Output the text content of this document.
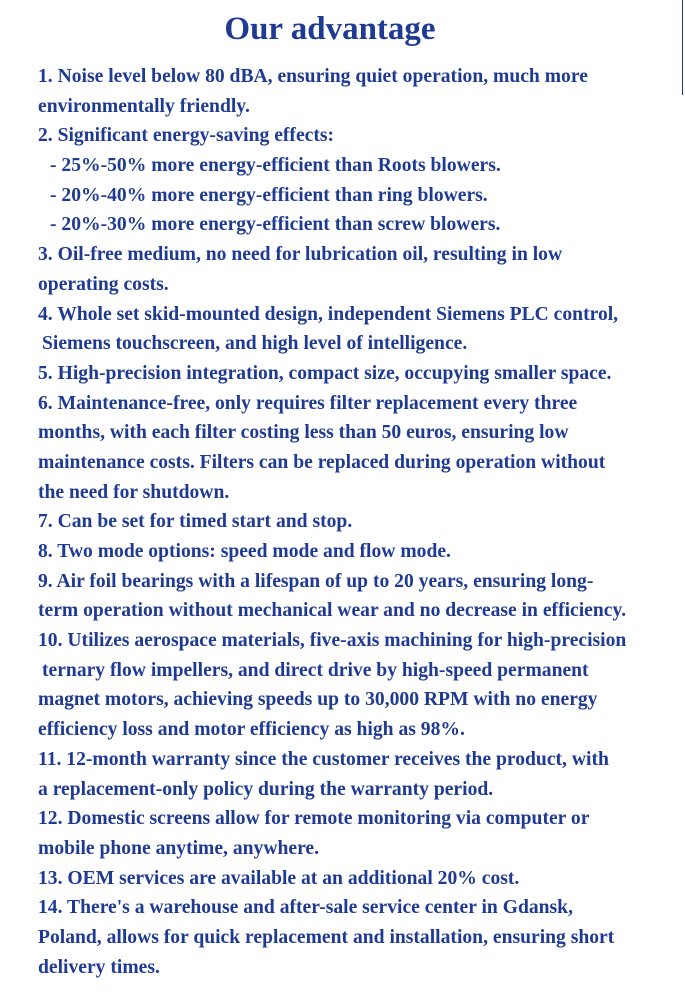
Our advantage
1. Noise level below 80 dBA, ensuring quiet operation, much more
environmentally friendly.
2. Significant energy-saving effects:
- 25%-50% more energy-efficient than Roots blowers.
- 20%-40% more energy-efficient than ring blowers.
- 20%-30% more energy-efficient than screw blowers.
3. Oil-free medium, no need for lubrication oil, resulting in low
operating costs.
4. Whole set skid-mounted design, independent Siemens PLC control,
Siemens touchscreen, and high level of intelligence.
5. High-precision integration, compact size, occupying smaller space.
6. Maintenance-free, only requires filter replacement every three
months, with each filter costing less than 50 euros, ensuring low
maintenance costs. Filters can be replaced during operation without
the need for shutdown.
7. Can be set for timed start and stop.
8. Two mode options: speed mode and flow mode.
9. Air foil bearings with a lifespan of up to 20 years, ensuring long-
term operation without mechanical wear and no decrease in efficiency.
10. Utilizes aerospace materials, five-axis machining for high-precision
ternary flow impellers, and direct drive by high-speed permanent
magnet motors, achieving speeds up to 30,000 RPM with no energy
efficiency loss and motor efficiency as high as 98%.
11. 12-month warranty since the customer receives the product, with
a replacement-only policy during the warranty period.
12. Domestic screens allow for remote monitoring via computer or
mobile phone anytime, anywhere.
13. OEM services are available at an additional 20% cost.
14. There's a warehouse and after-sale service center in Gdansk,
Poland, allows for quick replacement and installation, ensuring short
delivery times.
